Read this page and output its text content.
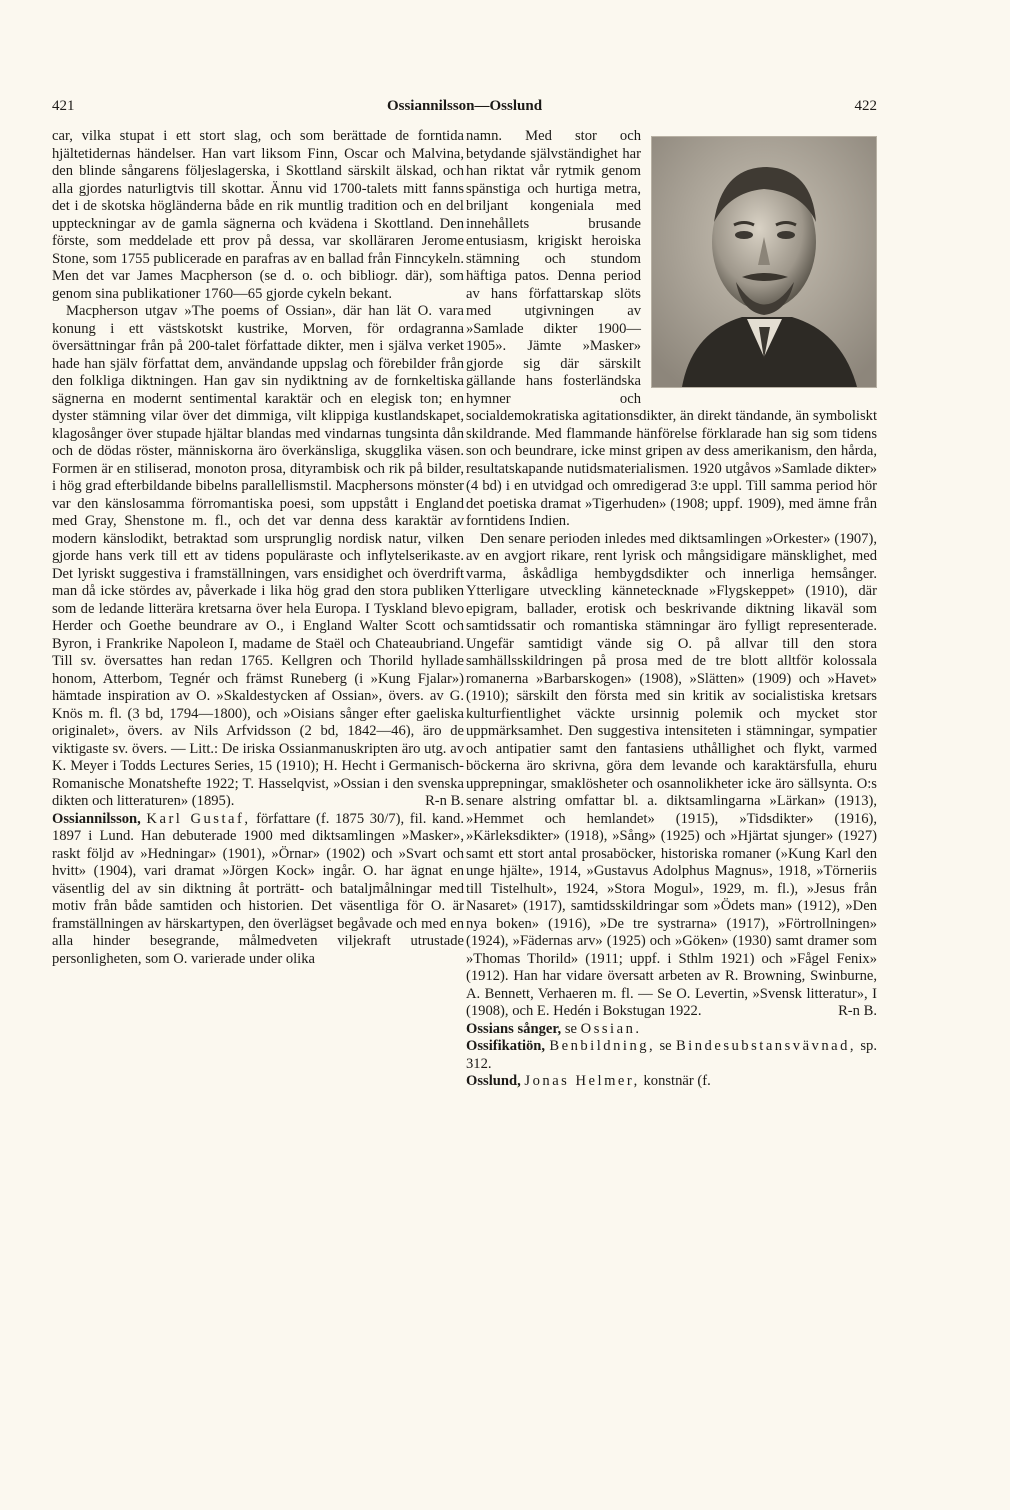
421	Ossiannilsson—Osslund	422

car, vilka stupat i ett stort slag, och som berättade de forntida hjältetidernas händelser. Han vart liksom Finn, Oscar och Malvina, den blinde sångarens följeslagerska, i Skottland särskilt älskad, och alla gjordes naturligtvis till skottar. Ännu vid 1700-talets mitt fanns det i de skotska högländerna både en rik muntlig tradition och en del uppteckningar av de gamla sägnerna och kvädena i Skottland. Den förste, som meddelade ett prov på dessa, var skolläraren Jerome Stone, som 1755 publicerade en parafras av en ballad från Finncykeln. Men det var James Macpherson (se d. o. och bibliogr. där), som genom sina publikationer 1760—65 gjorde cykeln bekant.

Macpherson utgav »The poems of Ossian», där han lät O. vara konung i ett västskotskt kustrike, Morven, för ordagranna översättningar från på 200-talet författade dikter, men i själva verket hade han själv författat dem, användande uppslag och förebilder från den folkliga diktningen. Han gav sin nydiktning av de fornkeltiska sägnerna en modernt sentimental karaktär och en elegisk ton; en dyster stämning vilar över det dimmiga, vilt klippiga kustlandskapet, klagosånger över stupade hjältar blandas med vindarnas tungsinta dån och de dödas röster, människorna äro överkänsliga, skugglika väsen. Formen är en stiliserad, monoton prosa, dityrambisk och rik på bilder, i hög grad efterbildande bibelns parallellismstil. Macphersons mönster var den känslosamma förromantiska poesi, som uppstått i England med Gray, Shenstone m. fl., och det var denna dess karaktär av modern känslodikt, betraktad som ursprunglig nordisk natur, vilken gjorde hans verk till ett av tidens populäraste och inflytelserikaste. Det lyriskt suggestiva i framställningen, vars ensidighet och överdrift man då icke stördes av, påverkade i lika hög grad den stora publiken som de ledande litterära kretsarna över hela Europa. I Tyskland blevo Herder och Goethe beundrare av O., i England Walter Scott och Byron, i Frankrike Napoleon I, madame de Staël och Chateaubriand. Till sv. översattes han redan 1765. Kellgren och Thorild hyllade honom, Atterbom, Tegnér och främst Runeberg (i »Kung Fjalar») hämtade inspiration av O. »Skaldestycken af Ossian», övers. av G. Knös m. fl. (3 bd, 1794—1800), och »Oisians sånger efter gaeliska originalet», övers. av Nils Arfvidsson (2 bd, 1842—46), äro de viktigaste sv. övers. — Litt.: De iriska Ossianmanuskripten äro utg. av K. Meyer i Todds Lectures Series, 15 (1910); H. Hecht i Germanisch-Romanische Monatshefte 1922; T. Hasselqvist, »Ossian i den svenska dikten och litteraturen» (1895).	R-n B.

Ossiannilsson, Karl Gustaf, författare (f. 1875 30/7), fil. kand. 1897 i Lund. Han debuterade 1900 med diktsamlingen »Masker», raskt följd av »Hedningar» (1901), »Örnar» (1902) och »Svart och hvitt» (1904), vari dramat »Jörgen Kock» ingår. O. har ägnat en väsentlig del av sin diktning åt porträtt- och bataljmålningar med motiv från både samtiden och historien. Det väsentliga för O. är framställningen av härskartypen, den överlägset begåvade och med en alla hinder besegrande, målmedveten viljekraft utrustade personligheten, som O. varierade under olika

namn. Med stor och betydande självständighet har han riktat vår rytmik genom spänstiga och hurtiga metra, briljant kongeniala med innehållets brusande entusiasm, krigiskt heroiska stämning och stundom häftiga patos. Denna period av hans författarskap slöts med utgivningen av »Samlade dikter 1900—1905». Jämte »Masker» gjorde sig där särskilt gällande hans fosterländska hymner och socialdemokratiska agitationsdikter, än direkt tändande, än symboliskt skildrande. Med flammande hänförelse förklarade han sig som tidens son och beundrare, icke minst gripen av dess amerikanism, den hårda, resultatskapande nutidsmaterialismen. 1920 utgåvos »Samlade dikter» (4 bd) i en utvidgad och omredigerad 3:e uppl. Till samma period hör det poetiska dramat »Tigerhuden» (1908; uppf. 1909), med ämne från forntidens Indien.

Den senare perioden inledes med diktsamlingen »Orkester» (1907), av en avgjort rikare, rent lyrisk och mångsidigare mänsklighet, med varma, åskådliga hembygdsdikter och innerliga hemsånger. Ytterligare utveckling kännetecknade »Flygskeppet» (1910), där epigram, ballader, erotisk och beskrivande diktning likaväl som samtidssatir och romantiska stämningar äro fylligt representerade. Ungefär samtidigt vände sig O. på allvar till den stora samhällsskildringen på prosa med de tre blott alltför kolossala romanerna »Barbarskogen» (1908), »Slätten» (1909) och »Havet» (1910); särskilt den första med sin kritik av socialistiska kretsars kulturfientlighet väckte ursinnig polemik och mycket stor uppmärksamhet. Den suggestiva intensiteten i stämningar, sympatier och antipatier samt den fantasiens uthållighet och flykt, varmed böckerna äro skrivna, göra dem levande och karaktärsfulla, ehuru upprepningar, smaklösheter och osannolikheter icke äro sällsynta. O:s senare alstring omfattar bl. a. diktsamlingarna »Lärkan» (1913), »Hemmet och hemlandet» (1915), »Tidsdikter» (1916), »Kärleksdikter» (1918), »Sång» (1925) och »Hjärtat sjunger» (1927) samt ett stort antal prosaböcker, historiska romaner (»Kung Karl den unge hjälte», 1914, »Gustavus Adolphus Magnus», 1918, »Törneriis till Tistelhult», 1924, »Stora Mogul», 1929, m. fl.), »Jesus från Nasaret» (1917), samtidsskildringar som »Ödets man» (1912), »Den nya boken» (1916), »De tre systrarna» (1917), »Förtrollningen» (1924), »Fädernas arv» (1925) och »Göken» (1930) samt dramer som »Thomas Thorild» (1911; uppf. i Sthlm 1921) och »Fågel Fenix» (1912). Han har vidare översatt arbeten av R. Browning, Swinburne, A. Bennett, Verhaeren m. fl. — Se O. Levertin, »Svensk litteratur», I (1908), och E. Hedén i Bokstugan 1922.	R-n B.

Ossians sånger, se Ossian.

Ossifikatiön, Benbildning, se Bindesubstansvävnad, sp. 312.

Osslund, Jonas Helmer, konstnär (f.
